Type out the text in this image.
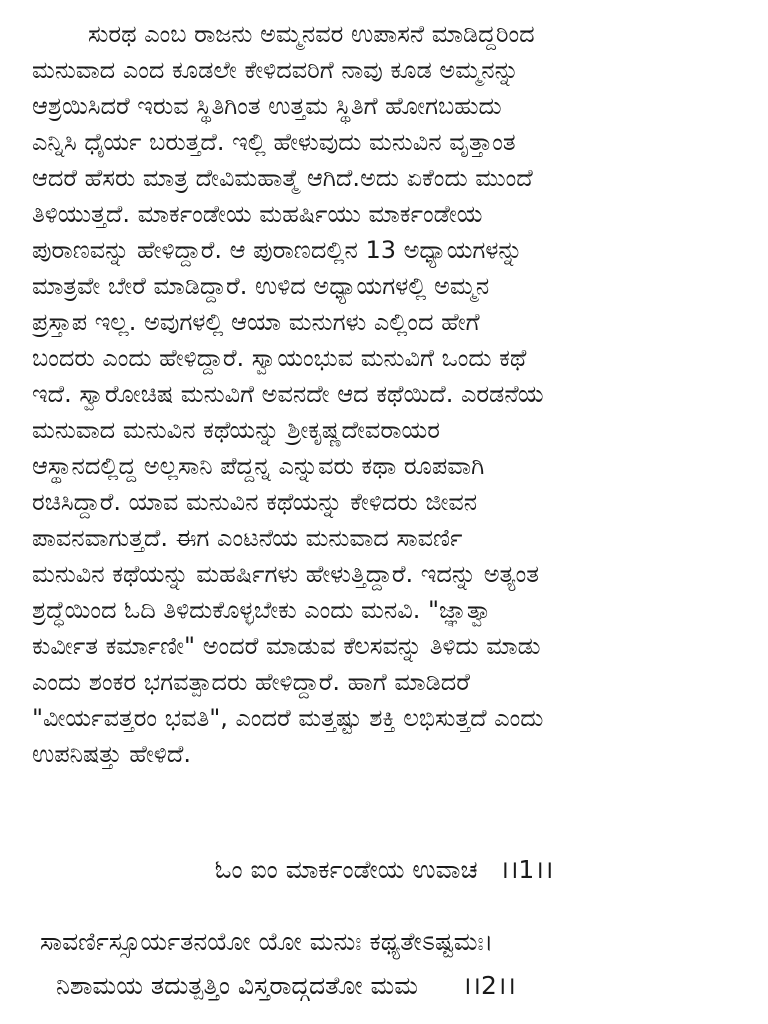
ಸುರಥ ಎಂಬ ರಾಜನು ಅಮ್ಮನವರ ಉಪಾಸನೆ ಮಾಡಿದ್ದರಿಂದ
ಮನುವಾದ ಎಂದ ಕೂಡಲೇ ಕೇಳಿದವರಿಗೆ ನಾವು ಕೂಡ ಅಮ್ಮನನ್ನು
ಆಶ್ರಯಿಸಿದರೆ ಇರುವ ಸ್ಥಿತಿಗಿಂತ ಉತ್ತಮ ಸ್ಥಿತಿಗೆ ಹೋಗಬಹುದು
ಎನ್ನಿಸಿ ಧೈರ್ಯ ಬರುತ್ತದೆ. ಇಲ್ಲಿ ಹೇಳುವುದು ಮನುವಿನ ವೃತ್ತಾಂತ
ಆದರೆ ಹೆಸರು ಮಾತ್ರ ದೇವಿಮಹಾತ್ಮೆ ಆಗಿದೆ.ಅದು ಏಕೆಂದು ಮುಂದೆ
ತಿಳಿಯುತ್ತದೆ. ಮಾರ್ಕಂಡೇಯ ಮಹರ್ಷಿಯು ಮಾರ್ಕಂಡೇಯ
ಪುರಾಣವನ್ನು ಹೇಳಿದ್ದಾರೆ. ಆ ಪುರಾಣದಲ್ಲಿನ 13 ಅಧ್ಯಾಯಗಳನ್ನು
ಮಾತ್ರವೇ ಬೇರೆ ಮಾಡಿದ್ದಾರೆ. ಉಳಿದ ಅಧ್ಯಾಯಗಳಲ್ಲಿ ಅಮ್ಮನ
ಪ್ರಸ್ತಾಪ ಇಲ್ಲ. ಅವುಗಳಲ್ಲಿ ಆಯಾ ಮನುಗಳು ಎಲ್ಲಿಂದ ಹೇಗೆ
ಬಂದರು ಎಂದು ಹೇಳಿದ್ದಾರೆ. ಸ್ವಾಯಂಭುವ ಮನುವಿಗೆ ಒಂದು ಕಥೆ
ಇದೆ. ಸ್ವಾರೋಚಿಷ ಮನುವಿಗೆ ಅವನದೇ ಆದ ಕಥೆಯಿದೆ. ಎರಡನೆಯ
ಮನುವಾದ ಮನುವಿನ ಕಥೆಯನ್ನು ಶ್ರೀಕೃಷ್ಣದೇವರಾಯರ
ಆಸ್ಥಾನದಲ್ಲಿದ್ದ ಅಲ್ಲಸಾನಿ ಪೆದ್ದನ್ನ ಎನ್ನುವರು ಕಥಾ ರೂಪವಾಗಿ
ರಚಿಸಿದ್ದಾರೆ. ಯಾವ ಮನುವಿನ ಕಥೆಯನ್ನು ಕೇಳಿದರು ಜೀವನ
ಪಾವನವಾಗುತ್ತದೆ. ಈಗ ಎಂಟನೆಯ ಮನುವಾದ ಸಾವರ್ಣಿ
ಮನುವಿನ ಕಥೆಯನ್ನು ಮಹರ್ಷಿಗಳು ಹೇಳುತ್ತಿದ್ದಾರೆ. ಇದನ್ನು ಅತ್ಯಂತ
ಶ್ರದ್ಧೆಯಿಂದ ಓದಿ ತಿಳಿದುಕೊಳ್ಳಬೇಕು ಎಂದು ಮನವಿ. "ಜ್ಞಾತ್ವಾ
ಕುರ್ವೀತ ಕರ್ಮಾಣೀ" ಅಂದರೆ ಮಾಡುವ ಕೆಲಸವನ್ನು ತಿಳಿದು ಮಾಡು
ಎಂದು ಶಂಕರ ಭಗವತ್ಪಾದರು ಹೇಳಿದ್ದಾರೆ. ಹಾಗೆ ಮಾಡಿದರೆ
"ವೀರ್ಯವತ್ತರಂ ಭವತಿ", ಎಂದರೆ ಮತ್ತಷ್ಟು ಶಕ್ತಿ ಲಭಿಸುತ್ತದೆ ಎಂದು
ಉಪನಿಷತ್ತು ಹೇಳಿದೆ.
ಓಂ ಐಂ ಮಾರ್ಕಂಡೇಯ ಉವಾಚ ।।1।।
ಸಾವರ್ಣಿಸ್ಸೂರ್ಯತನಯೋ ಯೋ ಮನುಃ ಕಥ್ಯತೇಽಷ್ಟಮಃ।
ನಿಶಾಮಯ ತದುತ್ಪತ್ತಿಂ ವಿಸ್ತರಾದ್ಗದತೋ ಮಮ ।।2।।
